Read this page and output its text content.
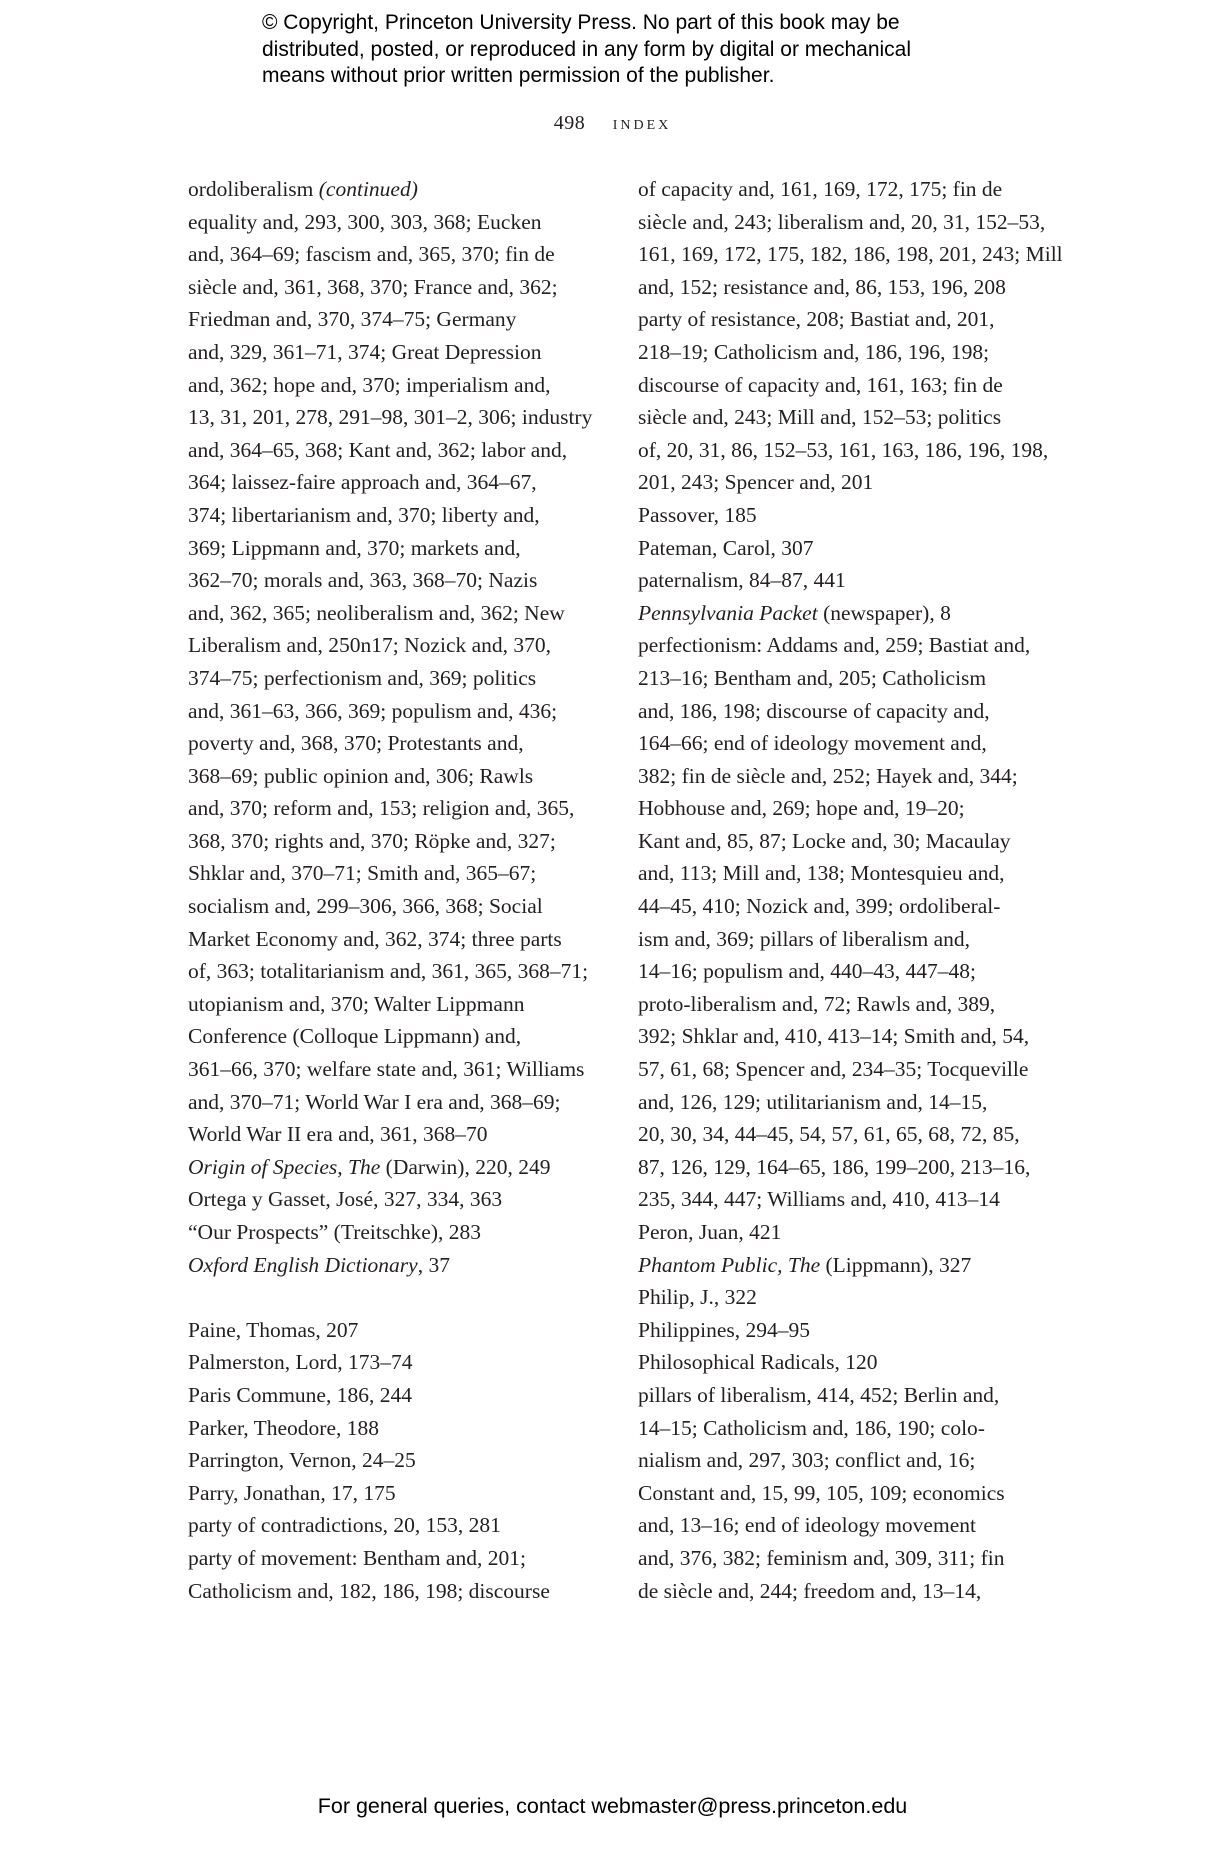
© Copyright, Princeton University Press. No part of this book may be
distributed, posted, or reproduced in any form by digital or mechanical
means without prior written permission of the publisher.
498 index
ordoliberalism (continued)
equality and, 293, 300, 303, 368; Eucken
and, 364–69; fascism and, 365, 370; fin de
siècle and, 361, 368, 370; France and, 362;
Friedman and, 370, 374–75; Germany
and, 329, 361–71, 374; Great Depression
and, 362; hope and, 370; imperialism and,
13, 31, 201, 278, 291–98, 301–2, 306; industry
and, 364–65, 368; Kant and, 362; labor and,
364; laissez-faire approach and, 364–67,
374; libertarianism and, 370; liberty and,
369; Lippmann and, 370; markets and,
362–70; morals and, 363, 368–70; Nazis
and, 362, 365; neoliberalism and, 362; New
Liberalism and, 250n17; Nozick and, 370,
374–75; perfectionism and, 369; politics
and, 361–63, 366, 369; populism and, 436;
poverty and, 368, 370; Protestants and,
368–69; public opinion and, 306; Rawls
and, 370; reform and, 153; religion and, 365,
368, 370; rights and, 370; Röpke and, 327;
Shklar and, 370–71; Smith and, 365–67;
socialism and, 299–306, 366, 368; Social
Market Economy and, 362, 374; three parts
of, 363; totalitarianism and, 361, 365, 368–71;
utopianism and, 370; Walter Lippmann
Conference (Colloque Lippmann) and,
361–66, 370; welfare state and, 361; Williams
and, 370–71; World War I era and, 368–69;
World War II era and, 361, 368–70
Origin of Species, The (Darwin), 220, 249
Ortega y Gasset, José, 327, 334, 363
“Our Prospects” (Treitschke), 283
Oxford English Dictionary, 37
Paine, Thomas, 207
Palmerston, Lord, 173–74
Paris Commune, 186, 244
Parker, Theodore, 188
Parrington, Vernon, 24–25
Parry, Jonathan, 17, 175
party of contradictions, 20, 153, 281
party of movement: Bentham and, 201;
Catholicism and, 182, 186, 198; discourse
of capacity and, 161, 169, 172, 175; fin de
siècle and, 243; liberalism and, 20, 31, 152–53,
161, 169, 172, 175, 182, 186, 198, 201, 243; Mill
and, 152; resistance and, 86, 153, 196, 208
party of resistance, 208; Bastiat and, 201,
218–19; Catholicism and, 186, 196, 198;
discourse of capacity and, 161, 163; fin de
siècle and, 243; Mill and, 152–53; politics
of, 20, 31, 86, 152–53, 161, 163, 186, 196, 198,
201, 243; Spencer and, 201
Passover, 185
Pateman, Carol, 307
paternalism, 84–87, 441
Pennsylvania Packet (newspaper), 8
perfectionism: Addams and, 259; Bastiat and,
213–16; Bentham and, 205; Catholicism
and, 186, 198; discourse of capacity and,
164–66; end of ideology movement and,
382; fin de siècle and, 252; Hayek and, 344;
Hobhouse and, 269; hope and, 19–20;
Kant and, 85, 87; Locke and, 30; Macaulay
and, 113; Mill and, 138; Montesquieu and,
44–45, 410; Nozick and, 399; ordoliberal-
ism and, 369; pillars of liberalism and,
14–16; populism and, 440–43, 447–48;
proto-liberalism and, 72; Rawls and, 389,
392; Shklar and, 410, 413–14; Smith and, 54,
57, 61, 68; Spencer and, 234–35; Tocqueville
and, 126, 129; utilitarianism and, 14–15,
20, 30, 34, 44–45, 54, 57, 61, 65, 68, 72, 85,
87, 126, 129, 164–65, 186, 199–200, 213–16,
235, 344, 447; Williams and, 410, 413–14
Peron, Juan, 421
Phantom Public, The (Lippmann), 327
Philip, J., 322
Philippines, 294–95
Philosophical Radicals, 120
pillars of liberalism, 414, 452; Berlin and,
14–15; Catholicism and, 186, 190; colo-
nialism and, 297, 303; conflict and, 16;
Constant and, 15, 99, 105, 109; economics
and, 13–16; end of ideology movement
and, 376, 382; feminism and, 309, 311; fin
de siècle and, 244; freedom and, 13–14,
For general queries, contact webmaster@press.princeton.edu
